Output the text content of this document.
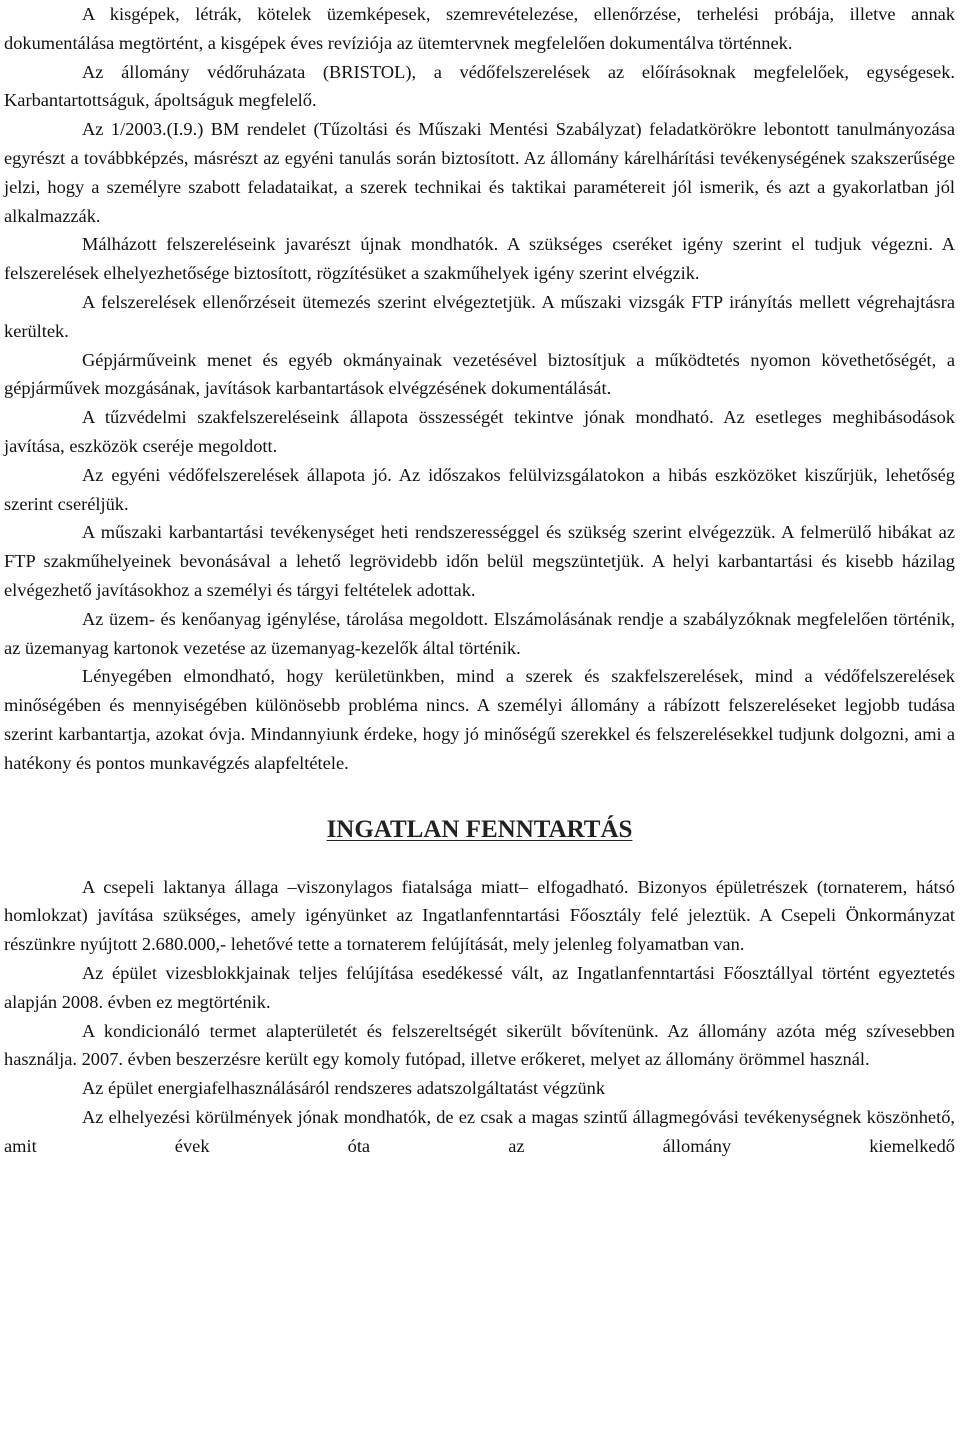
A kisgépek, létrák, kötelek üzemképesek, szemrevételezése, ellenőrzése, terhelési próbája, illetve annak dokumentálása megtörtént, a kisgépek éves revíziója az ütemtervnek megfelelően dokumentálva történnek.

Az állomány védőruházata (BRISTOL), a védőfelszerelések az előírásoknak megfelelőek, egységesek. Karbantartottságuk, ápoltságuk megfelelő.

Az 1/2003.(I.9.) BM rendelet (Tűzoltási és Műszaki Mentési Szabályzat) feladatkörökre lebontott tanulmányozása egyrészt a továbbképzés, másrészt az egyéni tanulás során biztosított. Az állomány kárelhárítási tevékenységének szakszerűsége jelzi, hogy a személyre szabott feladataikat, a szerek technikai és taktikai paramétereit jól ismerik, és azt a gyakorlatban jól alkalmazzák.

Málházott felszereléseink javarészt újnak mondhatók. A szükséges cseréket igény szerint el tudjuk végezni. A felszerelések elhelyezhetősége biztosított, rögzítésüket a szakműhelyek igény szerint elvégzik.

A felszerelések ellenőrzéseit ütemezés szerint elvégeztetjük. A műszaki vizsgák FTP irányítás mellett végrehajtásra kerültek.

Gépjárműveink menet és egyéb okmányainak vezetésével biztosítjuk a működtetés nyomon követhetőségét, a gépjárművek mozgásának, javítások karbantartások elvégzésének dokumentálását.

A tűzvédelmi szakfelszereléseink állapota összességét tekintve jónak mondható. Az esetleges meghibásodások javítása, eszközök cseréje megoldott.

Az egyéni védőfelszerelések állapota jó. Az időszakos felülvizsgálatokon a hibás eszközöket kiszűrjük, lehetőség szerint cseréljük.

A műszaki karbantartási tevékenységet heti rendszerességgel és szükség szerint elvégezzük. A felmerülő hibákat az FTP szakműhelyeinek bevonásával a lehető legrövidebb időn belül megszüntetjük. A helyi karbantartási és kisebb házilag elvégezhető javításokhoz a személyi és tárgyi feltételek adottak.

Az üzem- és kenőanyag igénylése, tárolása megoldott. Elszámolásának rendje a szabályzóknak megfelelően történik, az üzemanyag kartonok vezetése az üzemanyag-kezelők által történik.

Lényegében elmondható, hogy kerületünkben, mind a szerek és szakfelszerelések, mind a védőfelszerelések minőségében és mennyiségében különösebb probléma nincs. A személyi állomány a rábízott felszereléseket legjobb tudása szerint karbantartja, azokat óvja. Mindannyiunk érdeke, hogy jó minőségű szerekkel és felszerelésekkel tudjunk dolgozni, ami a hatékony és pontos munkavégzés alapfeltétele.

INGATLAN FENNTARTÁS

A csepeli laktanya állaga –viszonylagos fiatalsága miatt– elfogadható. Bizonyos épületrészek (tornaterem, hátsó homlokzat) javítása szükséges, amely igényünket az Ingatlanfenntartási Főosztály felé jeleztük. A Csepeli Önkormányzat részünkre nyújtott 2.680.000,- lehetővé tette a tornaterem felújítását, mely jelenleg folyamatban van.

Az épület vizesblokkjainak teljes felújítása esedékessé vált, az Ingatlanfenntartási Főosztállyal történt egyeztetés alapján 2008. évben ez megtörténik.

A kondicionáló termet alapterületét és felszereltségét sikerült bővítenünk. Az állomány azóta még szívesebben használja. 2007. évben beszerzésre került egy komoly futópad, illetve erőkeret, melyet az állomány örömmel használ.

Az épület energiafelhasználásáról rendszeres adatszolgáltatást végzünk

Az elhelyezési körülmények jónak mondhatók, de ez csak a magas szintű állagmegóvási tevékenységnek köszönhető, amit évek óta az állomány kiemelkedő
